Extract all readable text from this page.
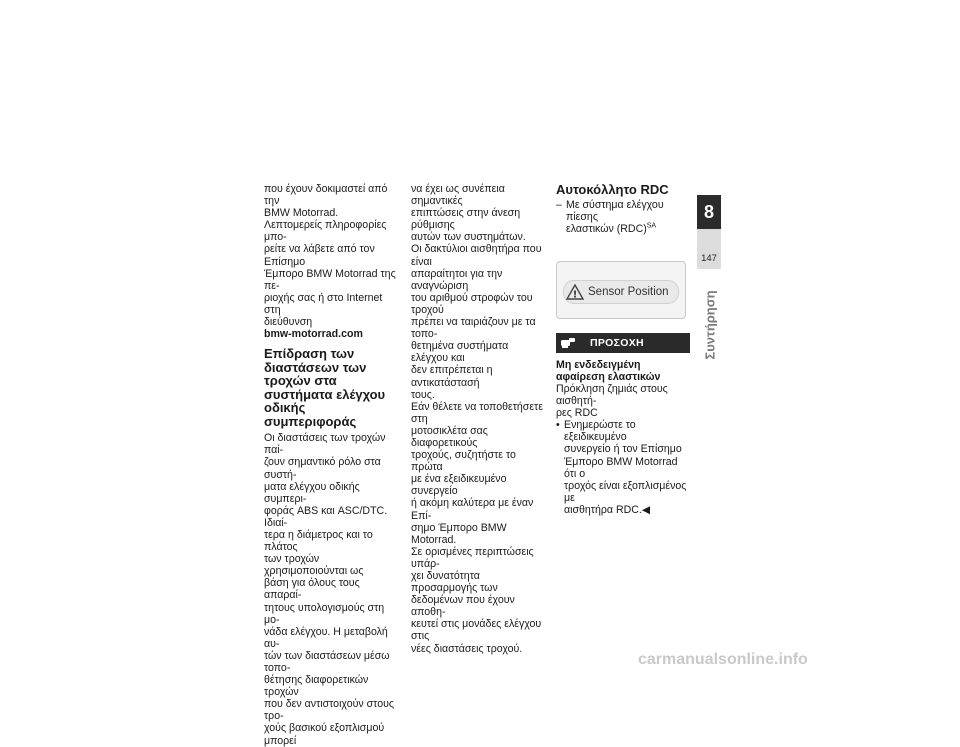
που έχουν δοκιμαστεί από την
BMW Motorrad.
Λεπτομερείς πληροφορίες μπο-
ρείτε να λάβετε από τον Επίσημο
Έμπορο BMW Motorrad της πε-
ριοχής σας ή στο Internet στη
διεύθυνση

bmw-motorrad.com

Επίδραση των διαστάσεων των τροχών στα συστήματα ελέγχου οδικής συμπεριφοράς

Οι διαστάσεις των τροχών παί-
ζουν σημαντικό ρόλο στα συστή-
ματα ελέγχου οδικής συμπερι-
φοράς ABS και ASC/DTC. Ιδιαί-
τερα η διάμετρος και το πλάτος
των τροχών χρησιμοποιούνται ως
βάση για όλους τους απαραί-
τητους υπολογισμούς στη μο-
νάδα ελέγχου. Η μεταβολή αυ-
τών των διαστάσεων μέσω τοπο-
θέτησης διαφορετικών τροχών
που δεν αντιστοιχούν στους τρο-
χούς βασικού εξοπλισμού μπορεί

να έχει ως συνέπεια σημαντικές
επιπτώσεις στην άνεση ρύθμισης
αυτών των συστημάτων.
Οι δακτύλιοι αισθητήρα που είναι
απαραίτητοι για την αναγνώριση
του αριθμού στροφών του τροχού
πρέπει να ταιριάζουν με τα τοπο-
θετημένα συστήματα ελέγχου και
δεν επιτρέπεται η αντικατάστασή
τους.
Εάν θέλετε να τοποθετήσετε στη
μοτοσικλέτα σας διαφορετικούς
τροχούς, συζητήστε το πρώτα
με ένα εξειδικευμένο συνεργείο
ή ακόμη καλύτερα με έναν Επί-
σημο Έμπορο BMW Motorrad.
Σε ορισμένες περιπτώσεις υπάρ-
χει δυνατότητα προσαρμογής των
δεδομένων που έχουν αποθη-
κευτεί στις μονάδες ελέγχου στις
νέες διαστάσεις τροχού.

Αυτοκόλλητο RDC
– Με σύστημα ελέγχου πίεσης
ελαστικών (RDC)$^{SA}$
! Sensor Position
ΠΡΟΣΟΧΗ

Μη ενδεδειγμένη αφαίρεση ελαστικών

Πρόκληση ζημιάς στους αισθητή-
ρες RDC

• Ενημερώστε το εξειδικευμένο
συνεργείο ή τον Επίσημο
Έμπορο BMW Motorrad ότι ο
τροχός είναι εξοπλισμένος με
αισθητήρα RDC.◀
8
147
Συντήρηση
carmanualsonline.info
